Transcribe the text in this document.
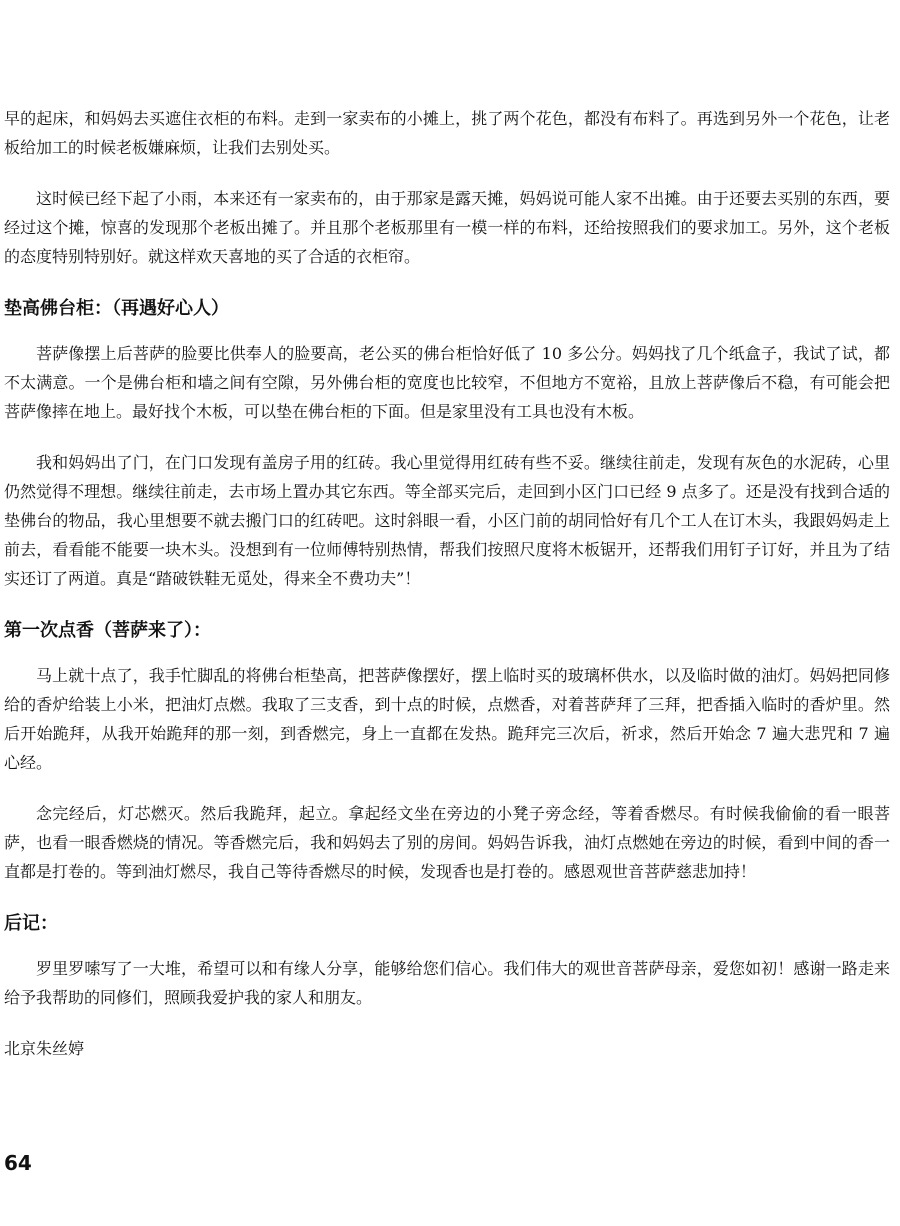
早的起床，和妈妈去买遮住衣柜的布料。走到一家卖布的小摊上，挑了两个花色，都没有布料了。再选到另外一个花色，让老板给加工的时候老板嫌麻烦，让我们去别处买。

这时候已经下起了小雨，本来还有一家卖布的，由于那家是露天摊，妈妈说可能人家不出摊。由于还要去买别的东西，要经过这个摊，惊喜的发现那个老板出摊了。并且那个老板那里有一模一样的布料，还给按照我们的要求加工。另外，这个老板的态度特别特别好。就这样欢天喜地的买了合适的衣柜帘。

垫高佛台柜：（再遇好心人）

菩萨像摆上后菩萨的脸要比供奉人的脸要高，老公买的佛台柜恰好低了 10 多公分。妈妈找了几个纸盒子，我试了试，都不太满意。一个是佛台柜和墙之间有空隙，另外佛台柜的宽度也比较窄，不但地方不宽裕，且放上菩萨像后不稳，有可能会把菩萨像摔在地上。最好找个木板，可以垫在佛台柜的下面。但是家里没有工具也没有木板。

我和妈妈出了门，在门口发现有盖房子用的红砖。我心里觉得用红砖有些不妥。继续往前走，发现有灰色的水泥砖，心里仍然觉得不理想。继续往前走，去市场上置办其它东西。等全部买完后，走回到小区门口已经 9 点多了。还是没有找到合适的垫佛台的物品，我心里想要不就去搬门口的红砖吧。这时斜眼一看，小区门前的胡同恰好有几个工人在订木头，我跟妈妈走上前去，看看能不能要一块木头。没想到有一位师傅特别热情，帮我们按照尺度将木板锯开，还帮我们用钉子订好，并且为了结实还订了两道。真是“踏破铁鞋无觅处，得来全不费功夫”！

第一次点香（菩萨来了）：

马上就十点了，我手忙脚乱的将佛台柜垫高，把菩萨像摆好，摆上临时买的玻璃杯供水，以及临时做的油灯。妈妈把同修给的香炉给装上小米，把油灯点燃。我取了三支香，到十点的时候，点燃香，对着菩萨拜了三拜，把香插入临时的香炉里。然后开始跪拜，从我开始跪拜的那一刻，到香燃完，身上一直都在发热。跪拜完三次后，祈求，然后开始念 7 遍大悲咒和 7 遍心经。

念完经后，灯芯燃灭。然后我跪拜，起立。拿起经文坐在旁边的小凳子旁念经，等着香燃尽。有时候我偷偷的看一眼菩萨，也看一眼香燃烧的情况。等香燃完后，我和妈妈去了别的房间。妈妈告诉我，油灯点燃她在旁边的时候，看到中间的香一直都是打卷的。等到油灯燃尽，我自己等待香燃尽的时候，发现香也是打卷的。感恩观世音菩萨慈悲加持！

后记：

罗里罗嗦写了一大堆，希望可以和有缘人分享，能够给您们信心。我们伟大的观世音菩萨母亲，爱您如初！感谢一路走来给予我帮助的同修们，照顾我爱护我的家人和朋友。

北京朱丝婷

64
